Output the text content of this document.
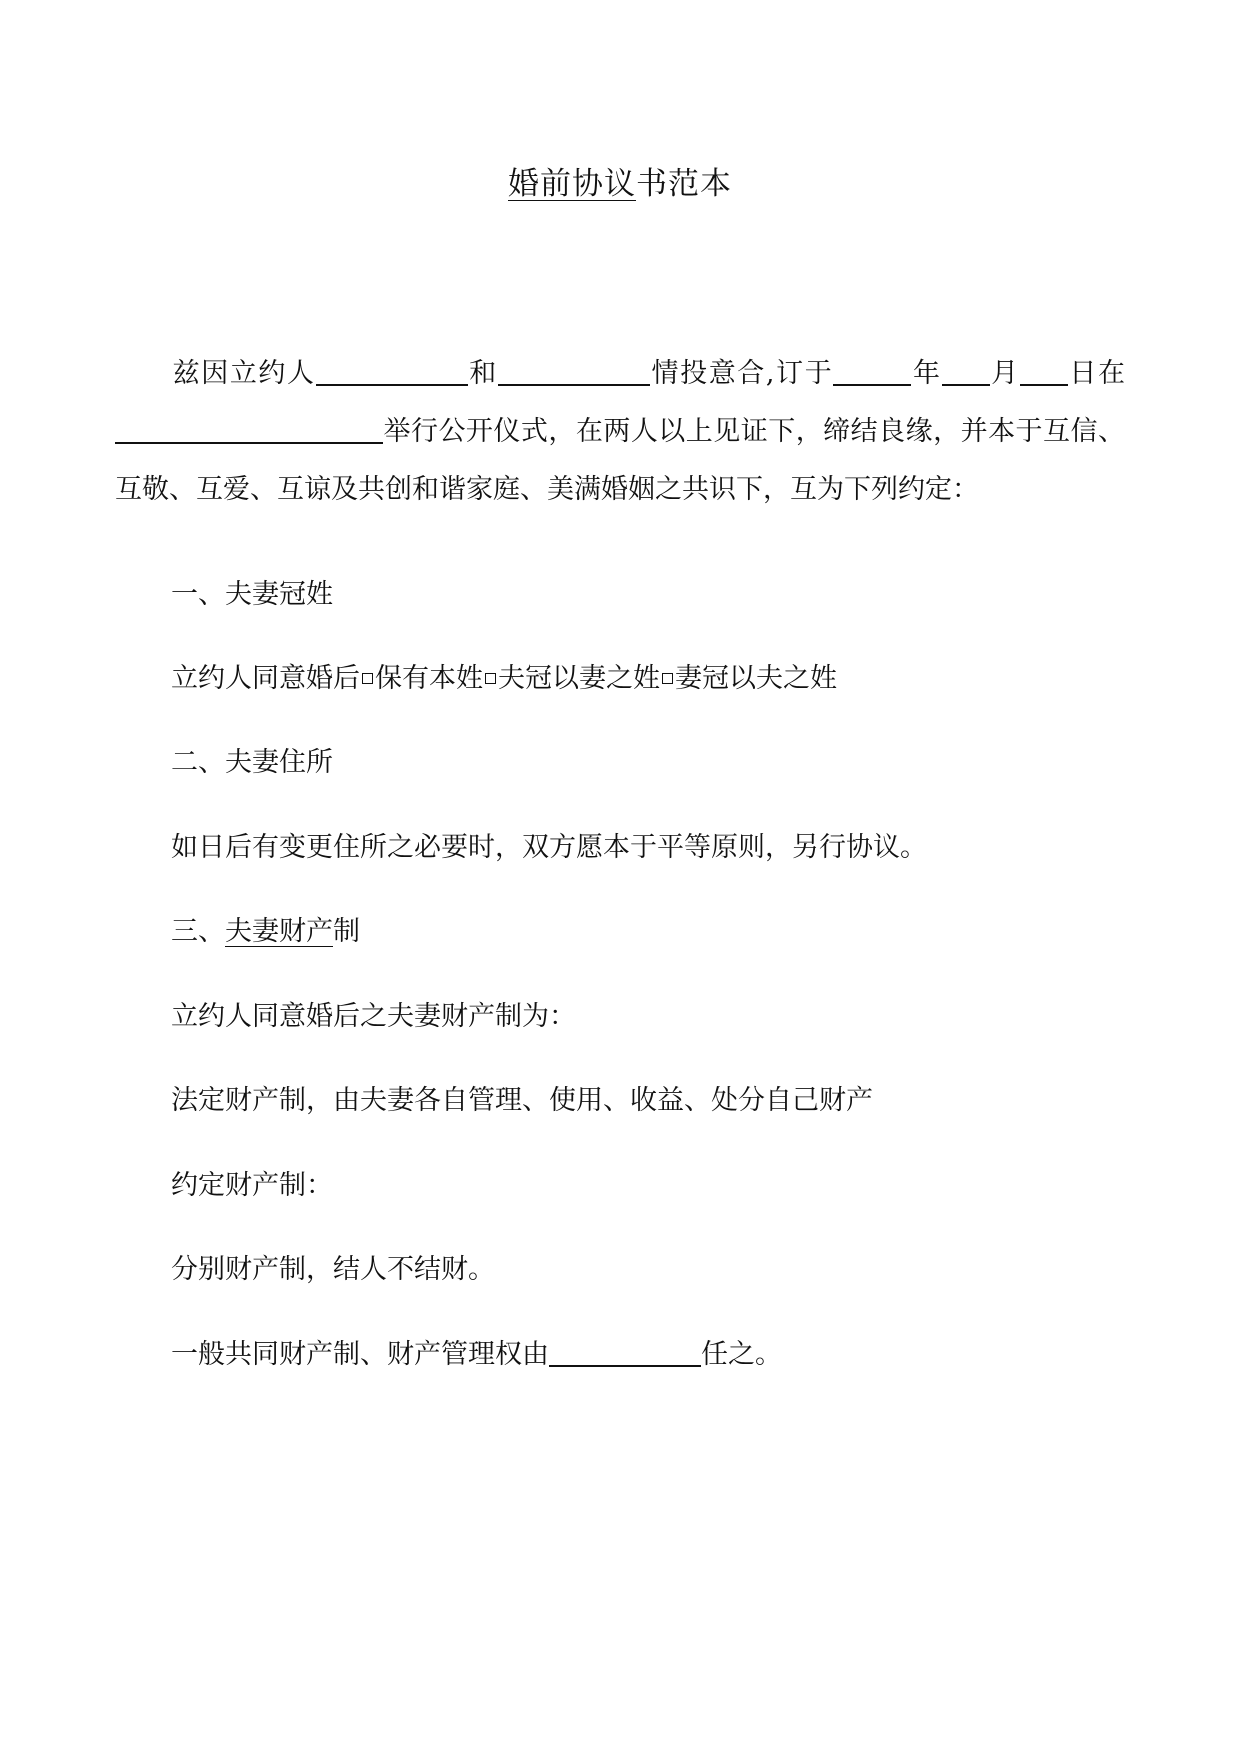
婚前协议书范本
兹因立约人	和	情投意合,订于	年 月 日在举行公开仪式，在两人以上见证下，缔结良缘，并本于互信、互敬、互爱、互谅及共创和谐家庭、美满婚姻之共识下，互为下列约定：
一、夫妻冠姓
立约人同意婚后 保有本姓 夫冠以妻之姓 妻冠以夫之姓
二、夫妻住所
如日后有变更住所之必要时，双方愿本于平等原则，另行协议。
三、夫妻财产制
立约人同意婚后之夫妻财产制为：
法定财产制，由夫妻各自管理、使用、收益、处分自己财产
约定财产制：
分别财产制，结人不结财。
一般共同财产制、财产管理权由	任之。
